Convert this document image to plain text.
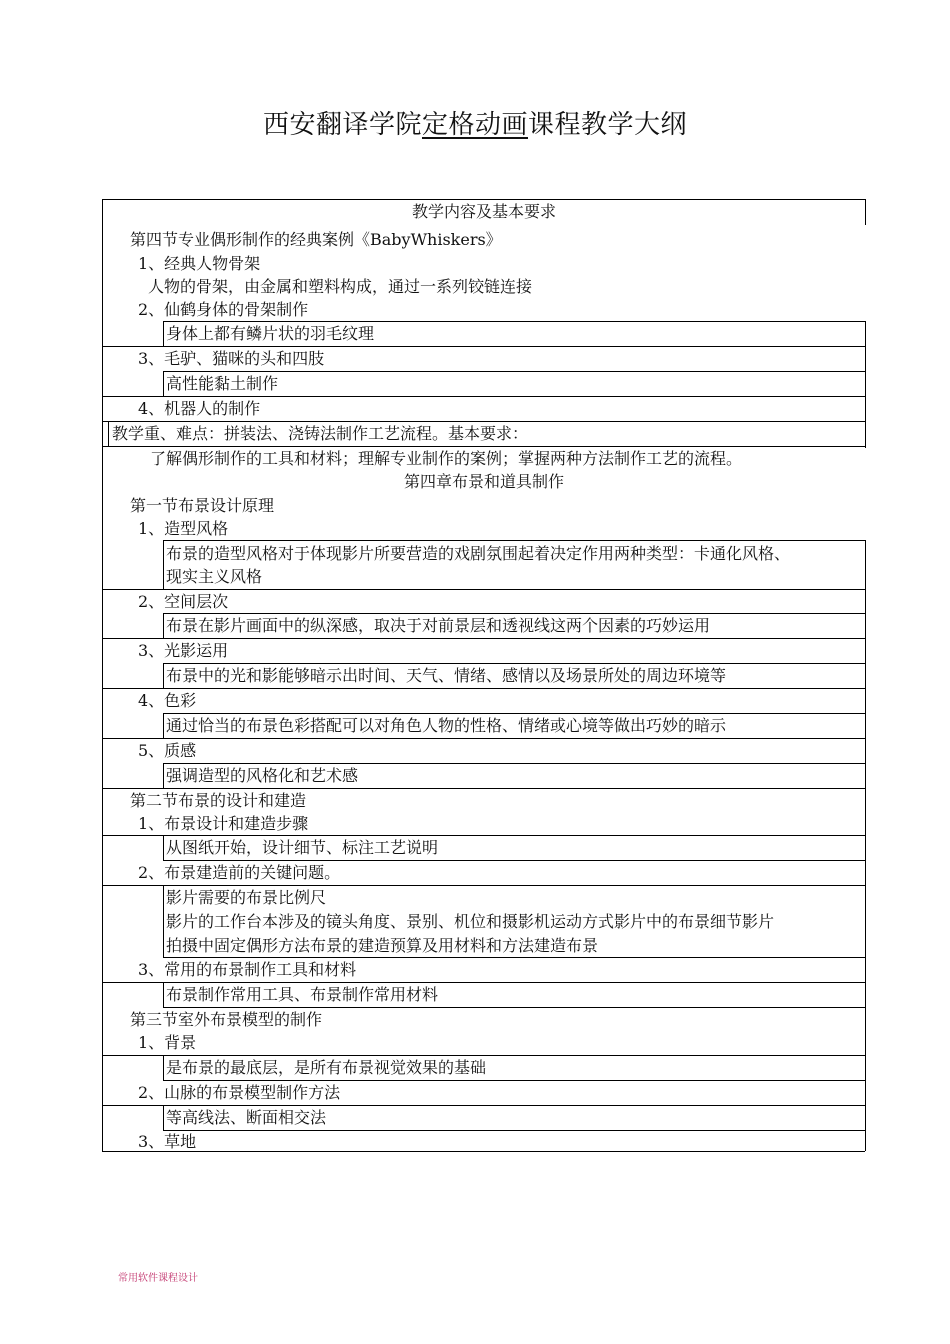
西安翻译学院定格动画课程教学大纲
教学内容及基本要求
第四节专业偶形制作的经典案例《BabyWhiskers》
1、经典人物骨架
人物的骨架，由金属和塑料构成，通过一系列铰链连接
2、仙鹤身体的骨架制作
身体上都有鳞片状的羽毛纹理
3、毛驴、猫咪的头和四肢
高性能黏土制作
4、机器人的制作
教学重、难点：拼装法、浇铸法制作工艺流程。基本要求：
了解偶形制作的工具和材料；理解专业制作的案例；掌握两种方法制作工艺的流程。
第四章布景和道具制作
第一节布景设计原理
1、造型风格
布景的造型风格对于体现影片所要营造的戏剧氛围起着决定作用两种类型：卡通化风格、
现实主义风格
2、空间层次
布景在影片画面中的纵深感，取决于对前景层和透视线这两个因素的巧妙运用
3、光影运用
布景中的光和影能够暗示出时间、天气、情绪、感情以及场景所处的周边环境等
4、色彩
通过恰当的布景色彩搭配可以对角色人物的性格、情绪或心境等做出巧妙的暗示
5、质感
强调造型的风格化和艺术感
第二节布景的设计和建造
1、布景设计和建造步骤
从图纸开始，设计细节、标注工艺说明
2、布景建造前的关键问题。
影片需要的布景比例尺
影片的工作台本涉及的镜头角度、景别、机位和摄影机运动方式影片中的布景细节影片
拍摄中固定偶形方法布景的建造预算及用材料和方法建造布景
3、常用的布景制作工具和材料
布景制作常用工具、布景制作常用材料
第三节室外布景模型的制作
1、背景
是布景的最底层，是所有布景视觉效果的基础
2、山脉的布景模型制作方法
等高线法、断面相交法
3、草地
常用软件课程设计
